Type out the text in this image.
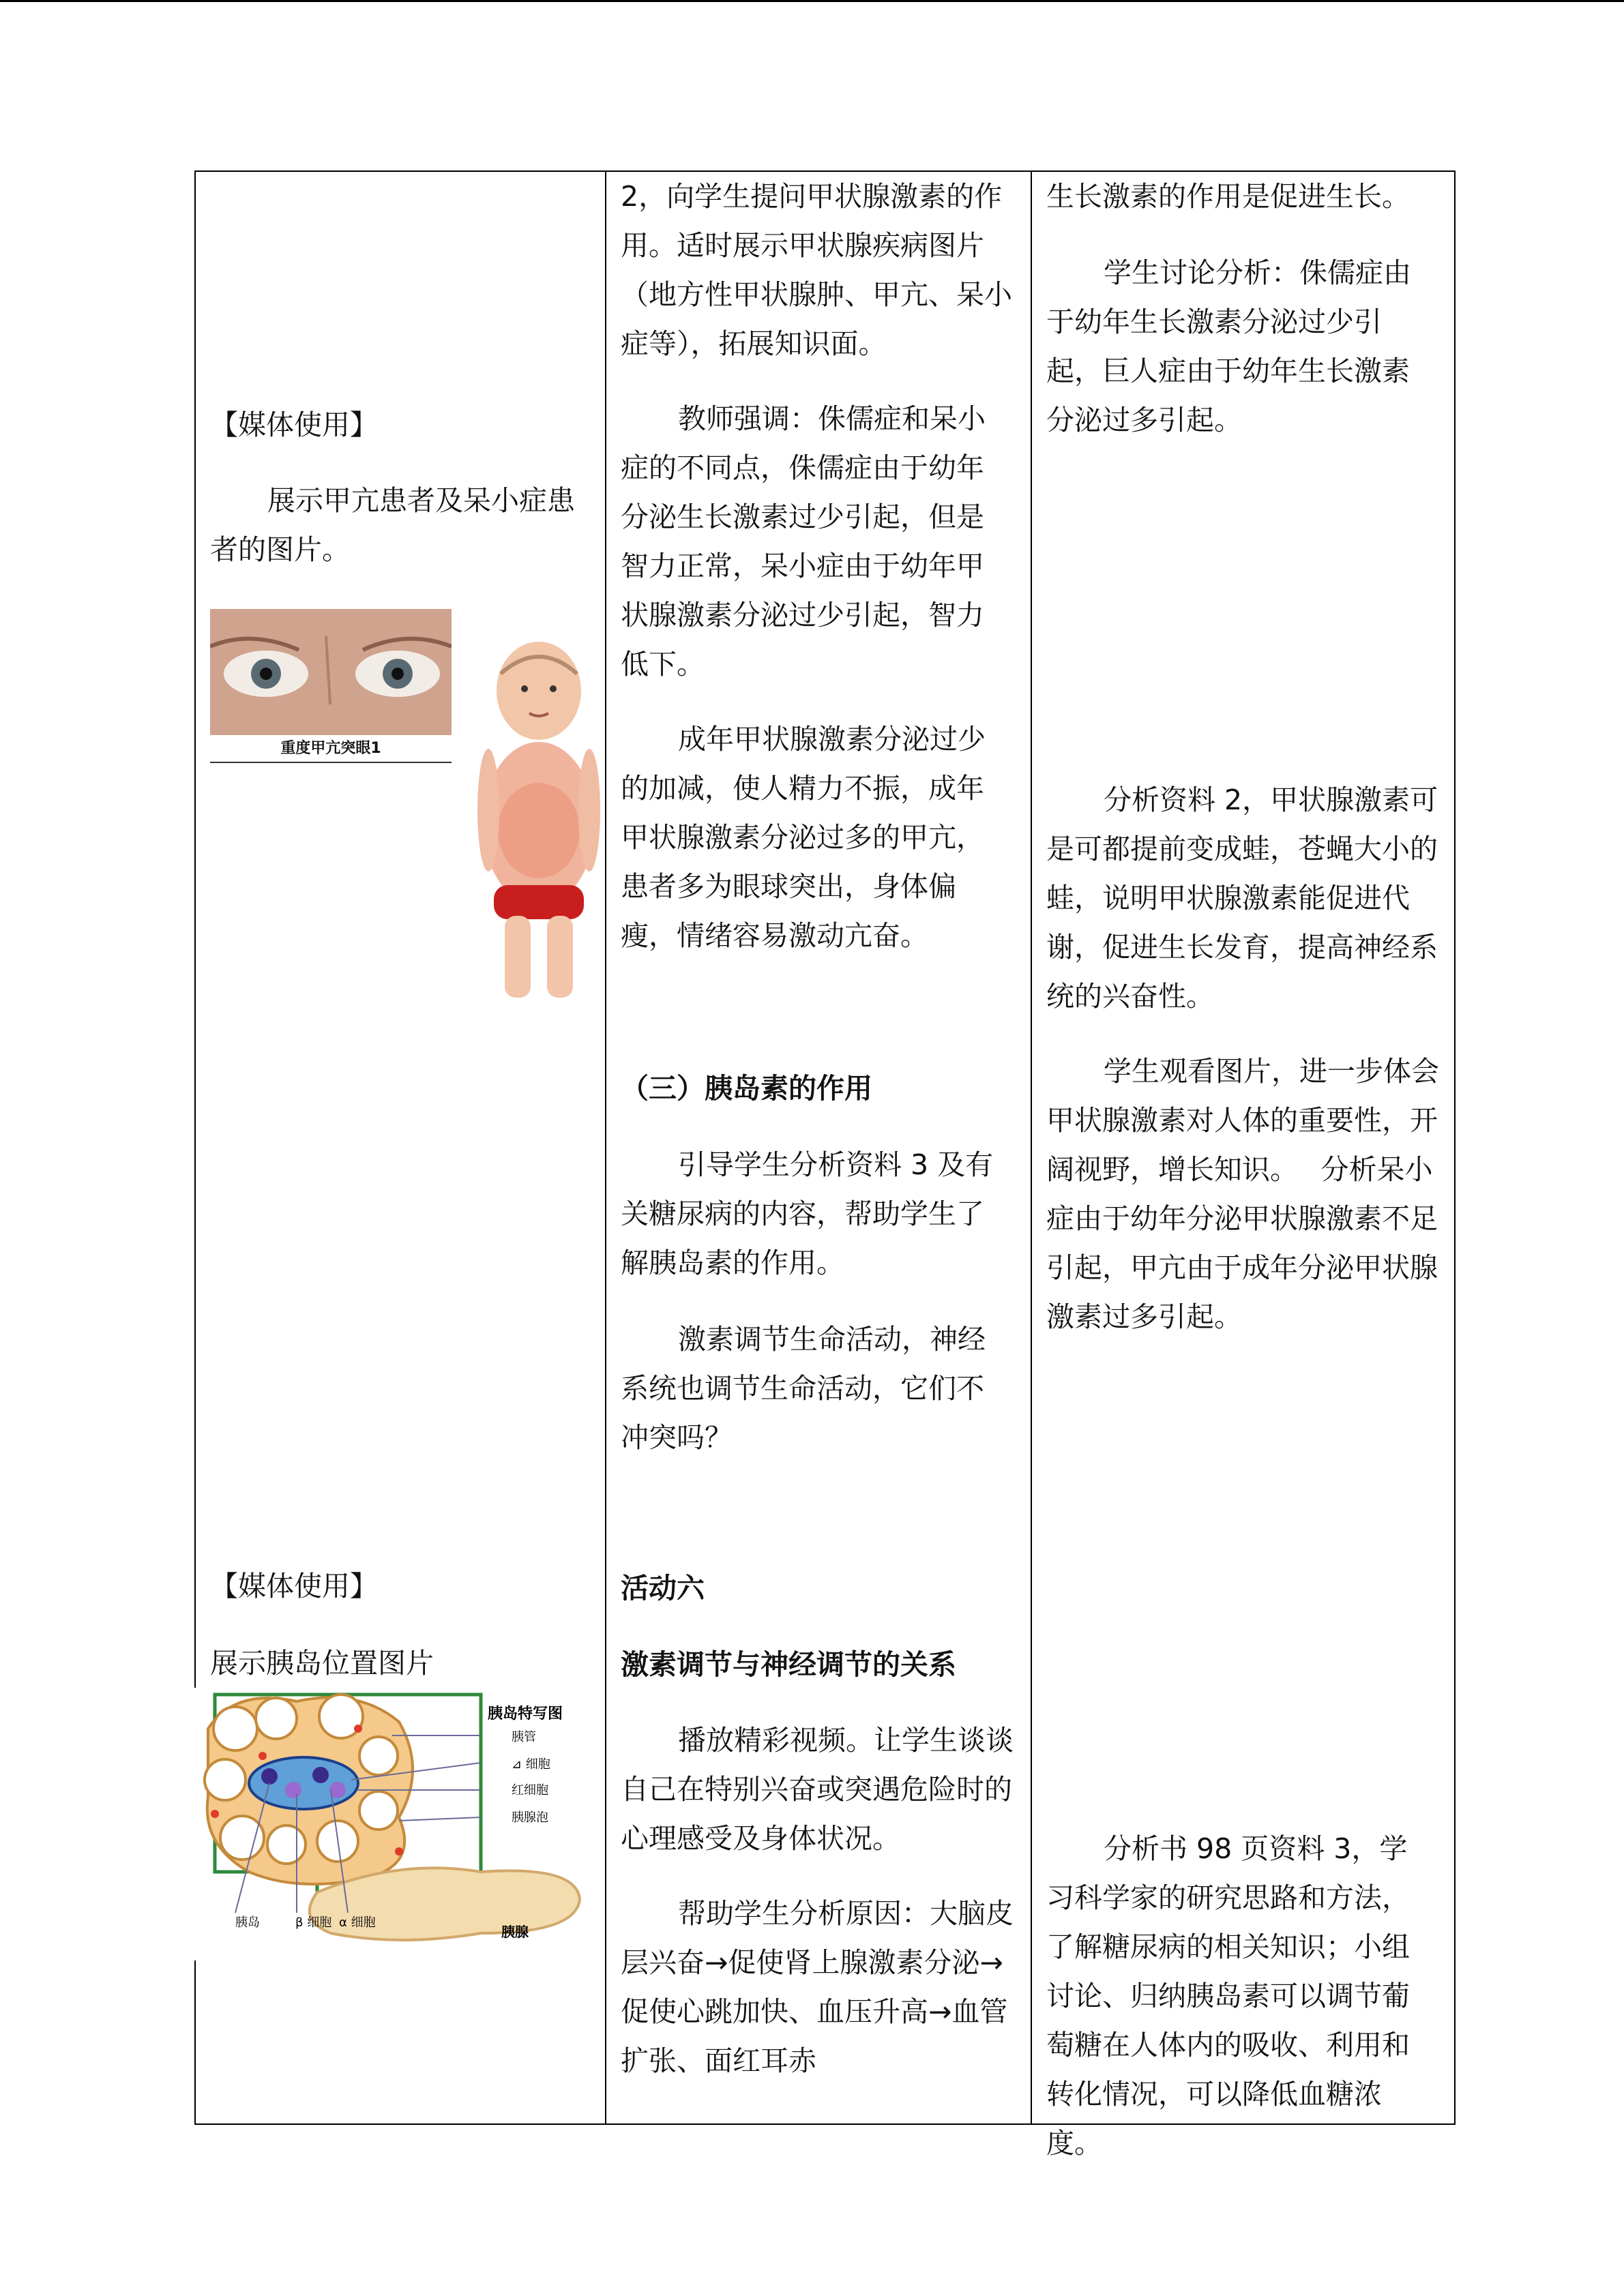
【媒体使用】
展示甲亢患者及呆小症患者的图片。
重度甲亢突眼1
【媒体使用】
展示胰岛位置图片
胰岛特写图
胰管
⊿ 细胞
红细胞
胰腺泡
胰岛	β 细胞 α 细胞
胰腺
2，向学生提问甲状腺激素的作用。适时展示甲状腺疾病图片（地方性甲状腺肿、甲亢、呆小症等），拓展知识面。
教师强调：侏儒症和呆小症的不同点，侏儒症由于幼年分泌生长激素过少引起，但是智力正常，呆小症由于幼年甲状腺激素分泌过少引起，智力低下。
成年甲状腺激素分泌过少的加减，使人精力不振，成年甲状腺激素分泌过多的甲亢，患者多为眼球突出，身体偏瘦，情绪容易激动亢奋。
（三）胰岛素的作用
引导学生分析资料 3 及有关糖尿病的内容，帮助学生了解胰岛素的作用。
激素调节生命活动，神经系统也调节生命活动，它们不冲突吗？
活动六
激素调节与神经调节的关系
播放精彩视频。让学生谈谈自己在特别兴奋或突遇危险时的心理感受及身体状况。
帮助学生分析原因：大脑皮层兴奋→促使肾上腺激素分泌→促使心跳加快、血压升高→血管扩张、面红耳赤
生长激素的作用是促进生长。
学生讨论分析：侏儒症由于幼年生长激素分泌过少引起，巨人症由于幼年生长激素分泌过多引起。
分析资料 2，甲状腺激素可是可都提前变成蛙，苍蝇大小的蛙，说明甲状腺激素能促进代谢，促进生长发育，提高神经系统的兴奋性。
学生观看图片，进一步体会甲状腺激素对人体的重要性，开阔视野，增长知识。　 分析呆小症由于幼年分泌甲状腺激素不足引起，甲亢由于成年分泌甲状腺激素过多引起。
分析书 98 页资料 3，学习科学家的研究思路和方法，了解糖尿病的相关知识；小组讨论、归纳胰岛素可以调节葡萄糖在人体内的吸收、利用和转化情况，可以降低血糖浓度。
